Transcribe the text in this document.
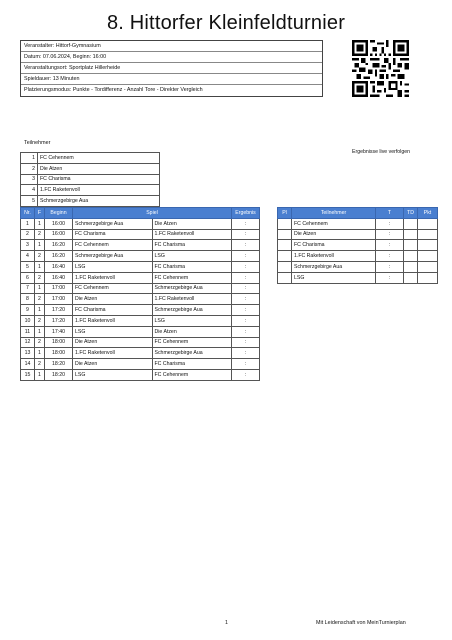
8. Hittorfer Kleinfeldturnier
Veranstalter: Hittorf-Gymnasium
Datum: 07.06.2024, Beginn: 16:00
Veranstaltungsort: Sportplatz Hillerheide
Spieldauer: 13 Minuten
Platzierungsmodus: Punkte - Tordifferenz - Anzahl Tore - Direkter Vergleich
Ergebnisse live verfolgen
Teilnehmer
1	FC Cehennem
2	Die Atzen
3	FC Charisma
4	1.FC Raketenvoll
5	Schmerzgebirge Aua

Nr.	F	Beginn	Spiel		Ergebnis
1	1	16:00	Schmerzgebirge Aua	Die Atzen	:
2	2	16:00	FC Charisma	1.FC Raketenvoll	:
3	1	16:20	FC Cehennem	FC Charisma	:
4	2	16:20	Schmerzgebirge Aua	LSG	:
5	1	16:40	LSG	FC Charisma	:
6	2	16:40	1.FC Raketenvoll	FC Cehennem	:
7	1	17:00	FC Cehennem	Schmerzgebirge Aua	:
8	2	17:00	Die Atzen	1.FC Raketenvoll	:
9	1	17:20	FC Charisma	Schmerzgebirge Aua	:
10	2	17:20	1.FC Raketenvoll	LSG	:
11	1	17:40	LSG	Die Atzen	:
12	2	18:00	Die Atzen	FC Cehennem	:
13	1	18:00	1.FC Raketenvoll	Schmerzgebirge Aua	:
14	2	18:20	Die Atzen	FC Charisma	:
15	1	18:20	LSG	FC Cehennem	:
Pl	Teilnehmer	T	TD	Pkt
	FC Cehennem	:		
	Die Atzen	:		
	FC Charisma	:		
	1.FC Raketenvoll	:		
	Schmerzgebirge Aua	:		
	LSG	:		
1	Mit Leidenschaft von MeinTurnierplan
